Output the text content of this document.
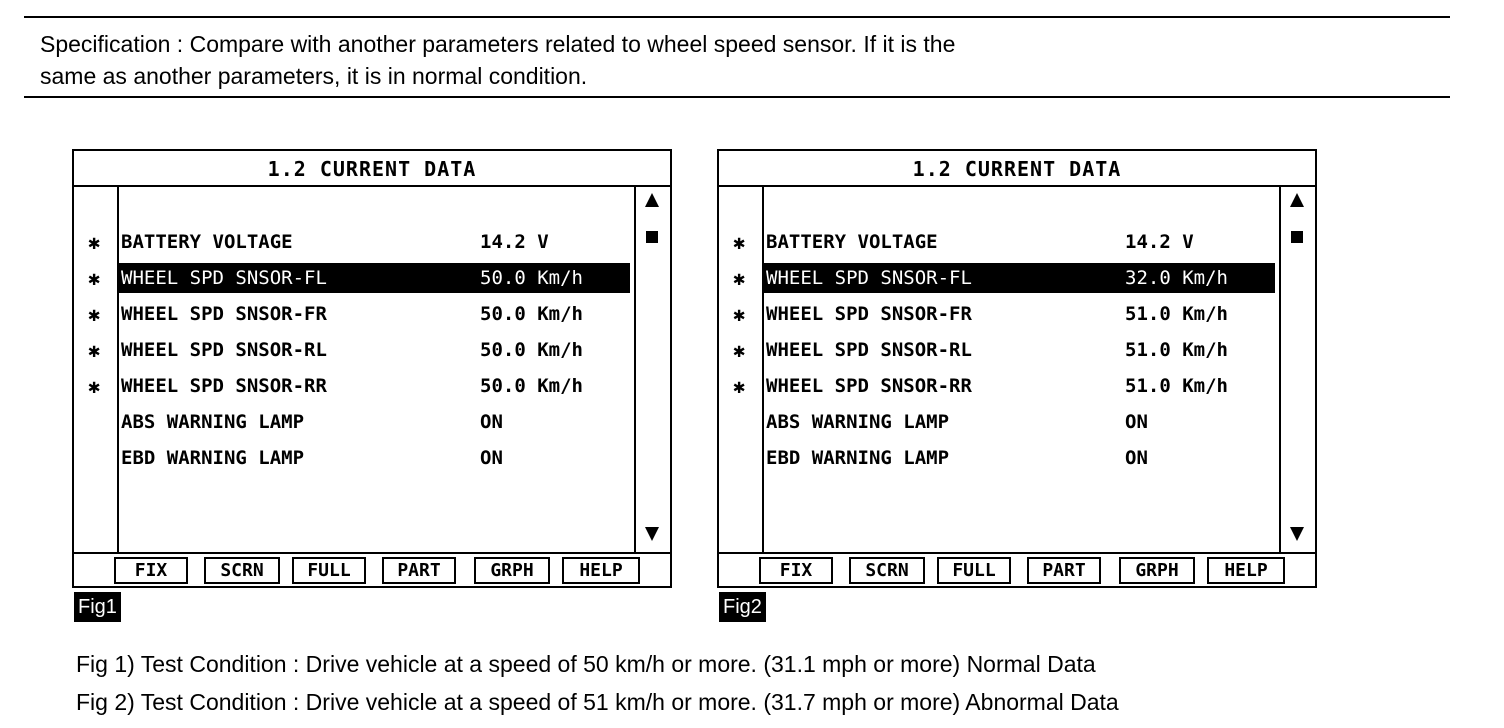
Specification : Compare with another parameters related to wheel speed sensor. If it is the
same as another parameters, it is in normal condition.
1.2 CURRENT DATA
✱	BATTERY VOLTAGE	14.2 V
✱	WHEEL SPD SNSOR-FL	50.0 Km/h
✱	WHEEL SPD SNSOR-FR	50.0 Km/h
✱	WHEEL SPD SNSOR-RL	50.0 Km/h
✱	WHEEL SPD SNSOR-RR	50.0 Km/h
ABS WARNING LAMP	ON
EBD WARNING LAMP	ON
FIX	SCRN	FULL	PART	GRPH	HELP
Fig1
1.2 CURRENT DATA
✱	BATTERY VOLTAGE	14.2 V
✱	WHEEL SPD SNSOR-FL	32.0 Km/h
✱	WHEEL SPD SNSOR-FR	51.0 Km/h
✱	WHEEL SPD SNSOR-RL	51.0 Km/h
✱	WHEEL SPD SNSOR-RR	51.0 Km/h
ABS WARNING LAMP	ON
EBD WARNING LAMP	ON
FIX	SCRN	FULL	PART	GRPH	HELP
Fig2
Fig 1) Test Condition : Drive vehicle at a speed of 50 km/h or more. (31.1 mph or more) Normal Data
Fig 2) Test Condition : Drive vehicle at a speed of 51 km/h or more. (31.7 mph or more) Abnormal Data
